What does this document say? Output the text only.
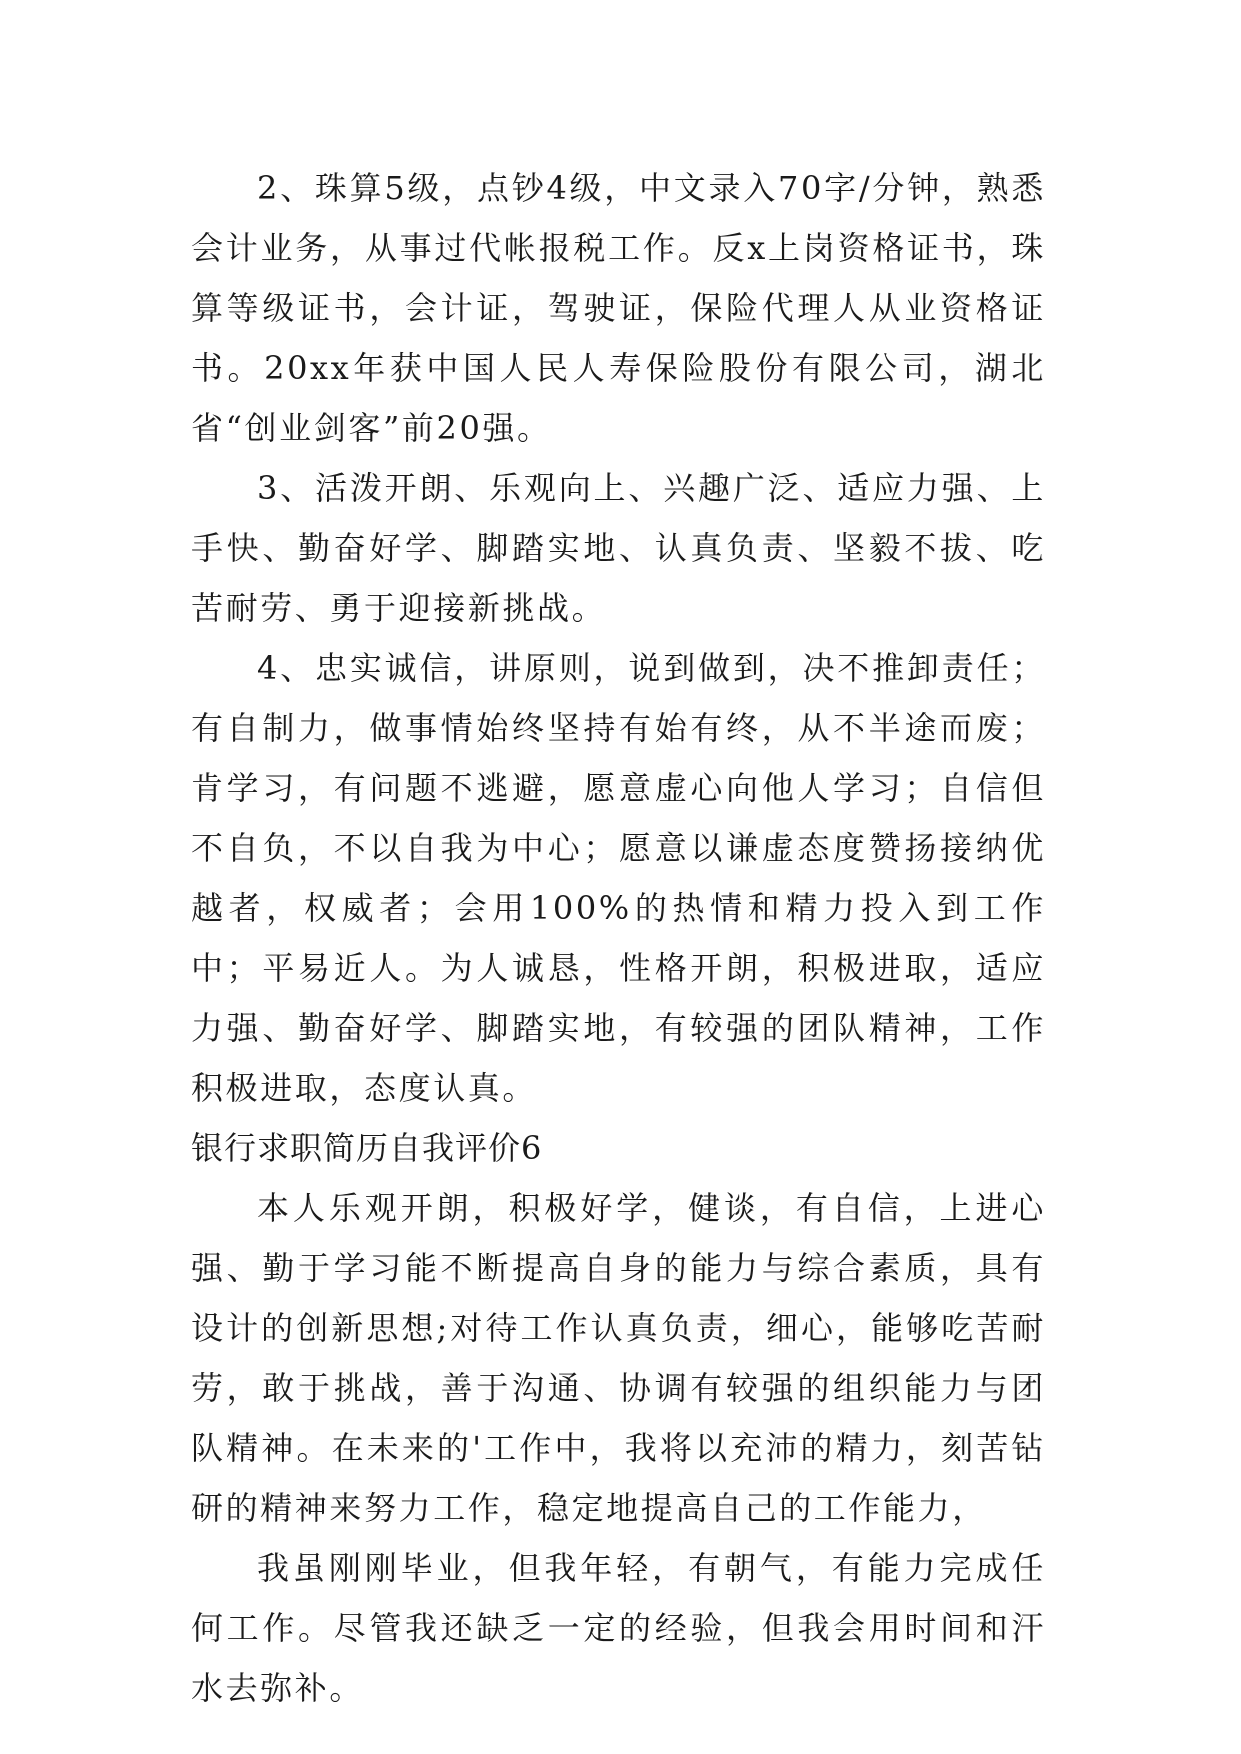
2、珠算5级，点钞4级，中文录入70字/分钟，熟悉会计业务，从事过代帐报税工作。反x上岗资格证书，珠算等级证书，会计证，驾驶证，保险代理人从业资格证书。20xx年获中国人民人寿保险股份有限公司，湖北省“创业剑客”前20强。

3、活泼开朗、乐观向上、兴趣广泛、适应力强、上手快、勤奋好学、脚踏实地、认真负责、坚毅不拔、吃苦耐劳、勇于迎接新挑战。

4、忠实诚信，讲原则，说到做到，决不推卸责任；有自制力，做事情始终坚持有始有终，从不半途而废；肯学习，有问题不逃避，愿意虚心向他人学习；自信但不自负，不以自我为中心；愿意以谦虚态度赞扬接纳优越者，权威者；会用100%的热情和精力投入到工作中；平易近人。为人诚恳，性格开朗，积极进取，适应力强、勤奋好学、脚踏实地，有较强的团队精神，工作积极进取，态度认真。

银行求职简历自我评价6

本人乐观开朗，积极好学，健谈，有自信，上进心强、勤于学习能不断提高自身的能力与综合素质，具有设计的创新思想;对待工作认真负责，细心，能够吃苦耐劳，敢于挑战，善于沟通、协调有较强的组织能力与团队精神。在未来的'工作中，我将以充沛的精力，刻苦钻研的精神来努力工作，稳定地提高自己的工作能力，

我虽刚刚毕业，但我年轻，有朝气，有能力完成任何工作。尽管我还缺乏一定的经验，但我会用时间和汗水去弥补。
